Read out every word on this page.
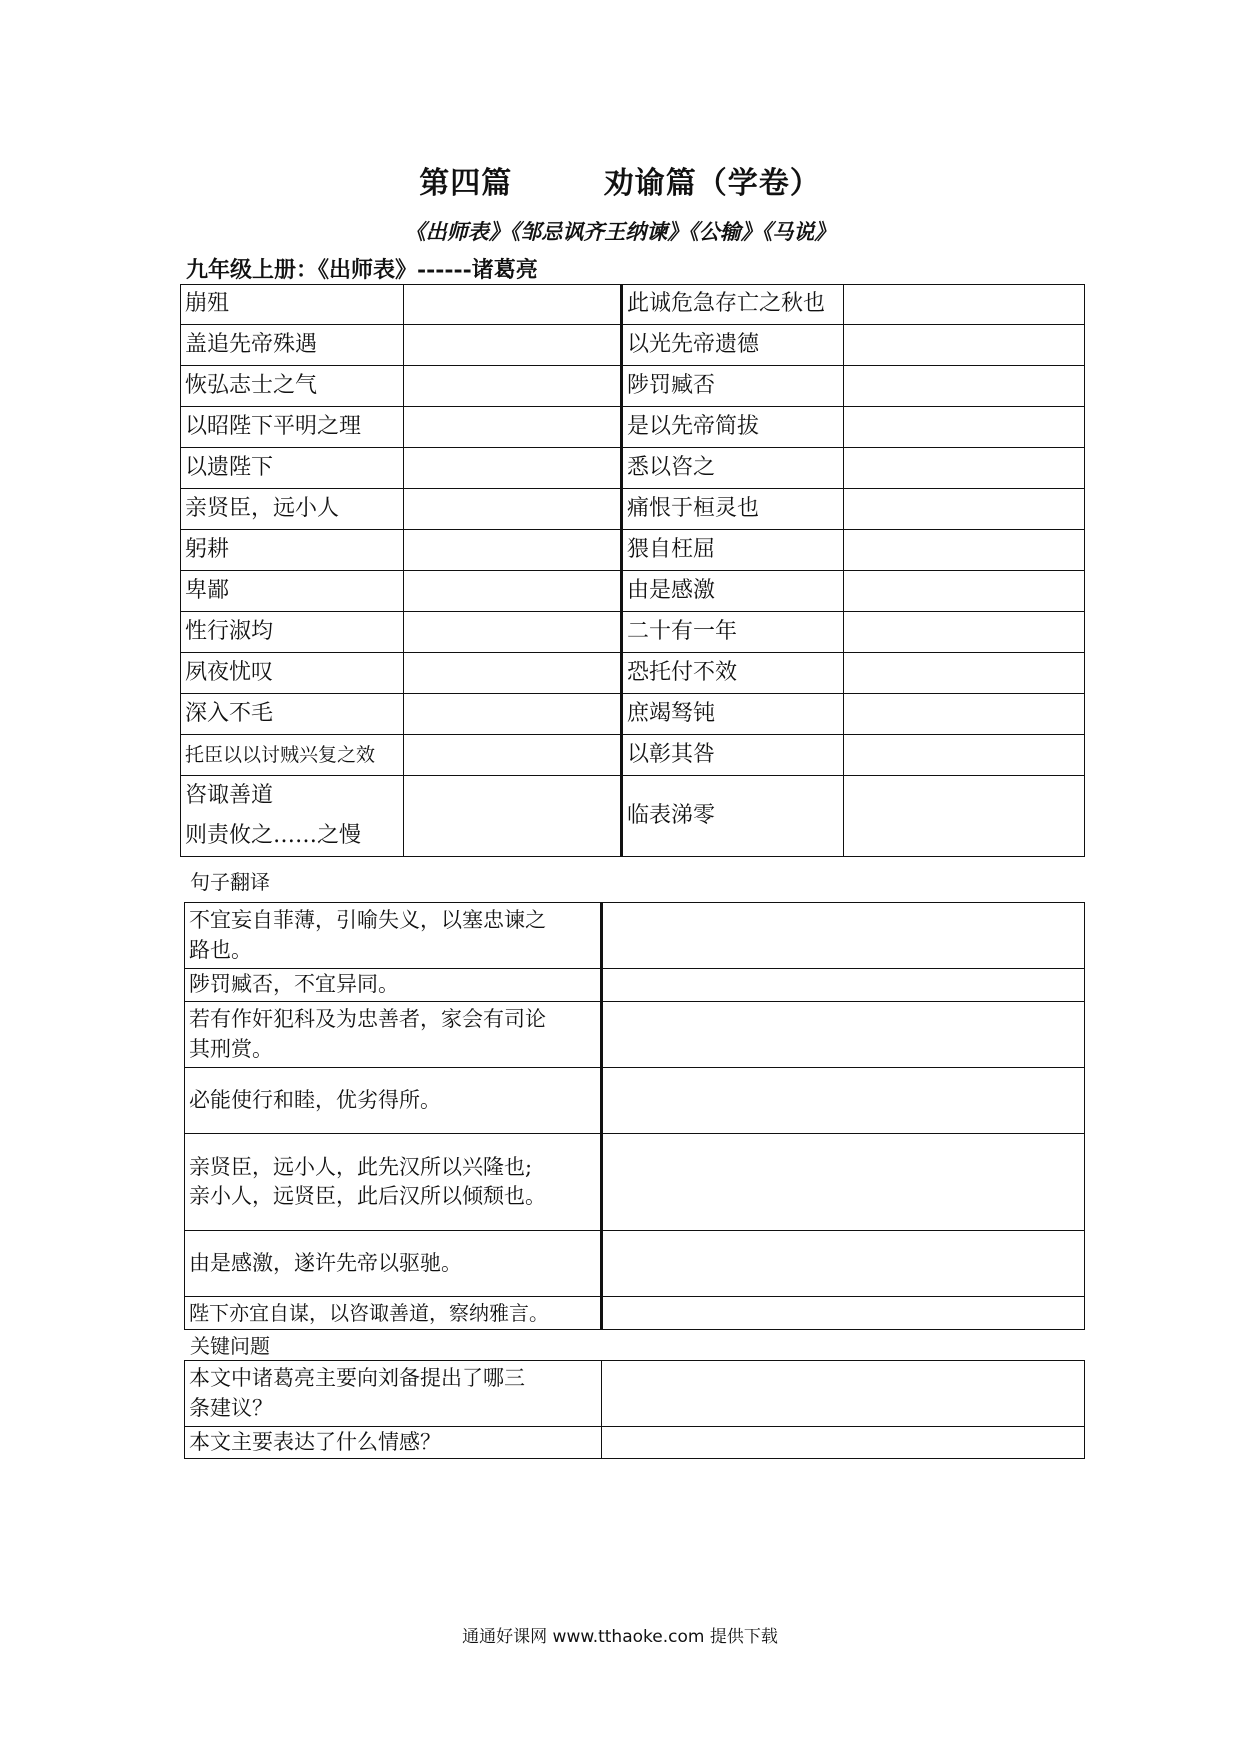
第四篇        劝谕篇（学卷）
《出师表》《邹忌讽齐王纳谏》《公输》《马说》
九年级上册：《出师表》------诸葛亮
崩殂		此诚危急存亡之秋也	
盖追先帝殊遇		以光先帝遗德	
恢弘志士之气		陟罚臧否	
以昭陛下平明之理		是以先帝简拔	
以遗陛下		悉以咨之	
亲贤臣，远小人		痛恨于桓灵也	
躬耕		猥自枉屈	
卑鄙		由是感激	
性行淑均		二十有一年	
夙夜忧叹		恐托付不效	
深入不毛		庶竭驽钝	
托臣以以讨贼兴复之效		以彰其咎	

咨诹善道
则责攸之……之慢		临表涕零	
句子翻译
不宜妄自菲薄，引喻失义，以塞忠谏之
路也。	

陟罚臧否，不宜异同。	

若有作奸犯科及为忠善者，家会有司论
其刑赏。	

必能使行和睦，优劣得所。	

亲贤臣，远小人，此先汉所以兴隆也;
亲小人，远贤臣，此后汉所以倾颓也。	

由是感激，遂许先帝以驱驰。	

陛下亦宜自谋，以咨诹善道，察纳雅言。	

关键问题
本文中诸葛亮主要向刘备提出了哪三
条建议？	

本文主要表达了什么情感？	

通通好课网 www.tthaoke.com 提供下载
